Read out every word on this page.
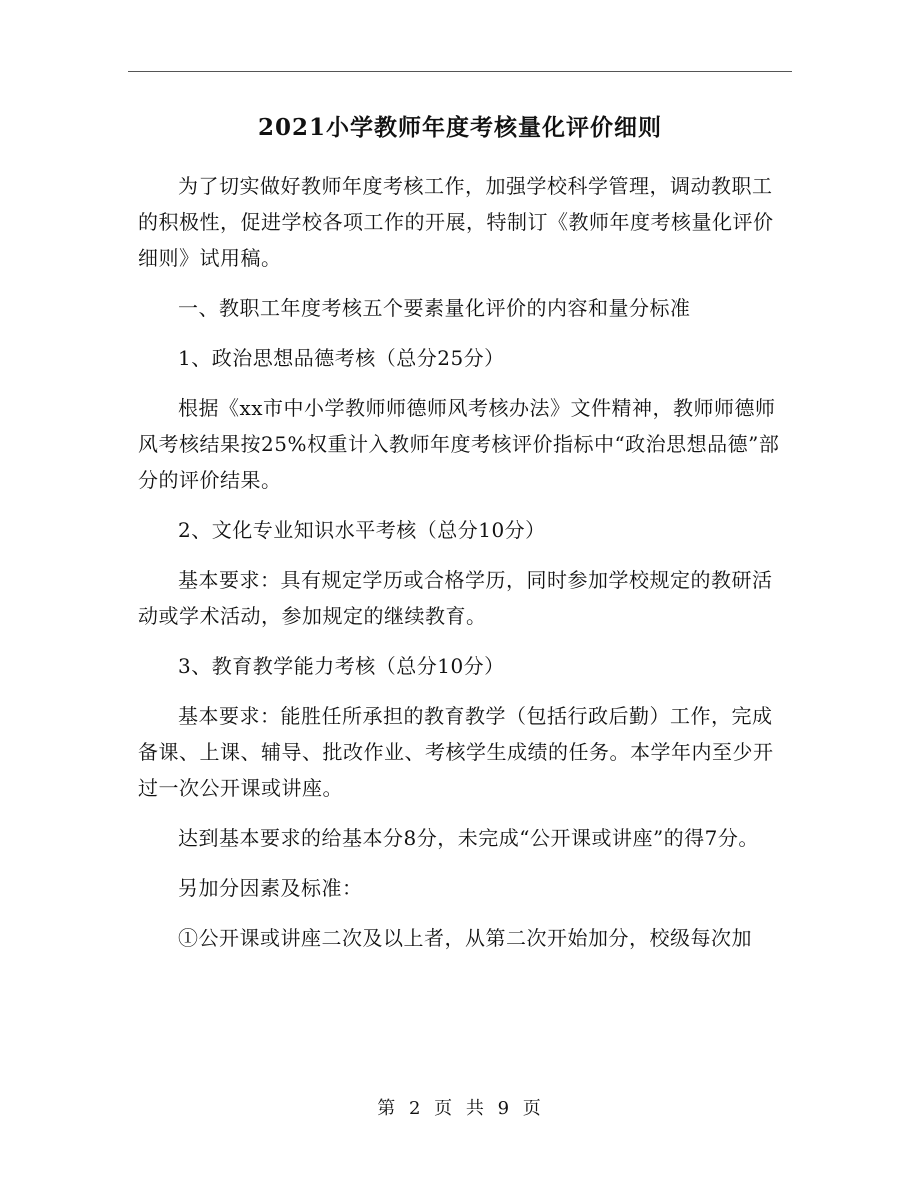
2021小学教师年度考核量化评价细则

为了切实做好教师年度考核工作，加强学校科学管理，调动教职工的积极性，促进学校各项工作的开展，特制订《教师年度考核量化评价细则》试用稿。

一、教职工年度考核五个要素量化评价的内容和量分标准

1、政治思想品德考核（总分25分）

根据《xx市中小学教师师德师风考核办法》文件精神，教师师德师风考核结果按25%权重计入教师年度考核评价指标中“政治思想品德”部分的评价结果。

2、文化专业知识水平考核（总分10分）

基本要求：具有规定学历或合格学历，同时参加学校规定的教研活动或学术活动，参加规定的继续教育。

3、教育教学能力考核（总分10分）

基本要求：能胜任所承担的教育教学（包括行政后勤）工作，完成备课、上课、辅导、批改作业、考核学生成绩的任务。本学年内至少开过一次公开课或讲座。

达到基本要求的给基本分8分，未完成“公开课或讲座”的得7分。

另加分因素及标准：

①公开课或讲座二次及以上者，从第二次开始加分，校级每次加

第 2 页 共 9 页
